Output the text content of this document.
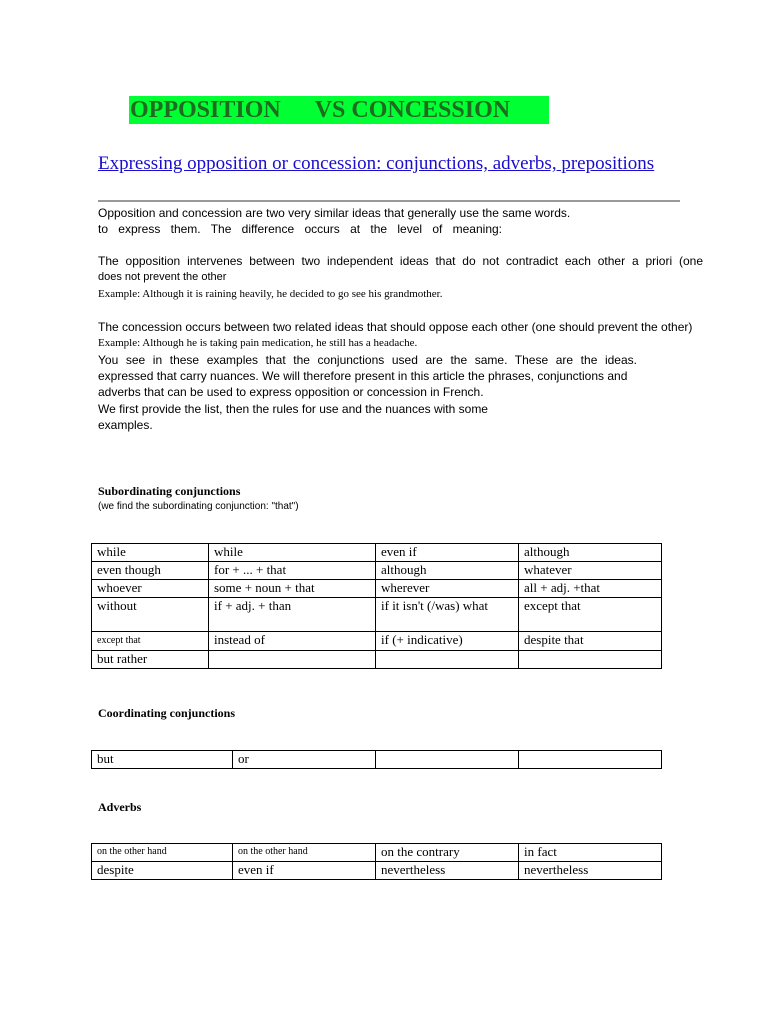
OPPOSITION VS CONCESSION
Expressing opposition or concession: conjunctions, adverbs, prepositions
Opposition and concession are two very similar ideas that generally use the same words.
to express them. The difference occurs at the level of meaning:
The opposition intervenes between two independent ideas that do not contradict each other a priori (one
does not prevent the other
Example: Although it is raining heavily, he decided to go see his grandmother.
The concession occurs between two related ideas that should oppose each other (one should prevent the other)
Example: Although he is taking pain medication, he still has a headache.
You see in these examples that the conjunctions used are the same. These are the ideas.
expressed that carry nuances. We will therefore present in this article the phrases, conjunctions and
adverbs that can be used to express opposition or concession in French.
We first provide the list, then the rules for use and the nuances with some
examples.
Subordinating conjunctions
(we find the subordinating conjunction: "that")
while	while	even if	although
even though	for + ... + that	although	whatever
whoever	some + noun + that	wherever	all + adj. +that
without	if + adj. + than	if it isn't (/was) what	except that
except that	instead of	if (+ indicative)	despite that
but rather			
Coordinating conjunctions
but	or		
Adverbs
on the other hand	on the other hand	on the contrary	in fact
despite	even if	nevertheless	nevertheless
